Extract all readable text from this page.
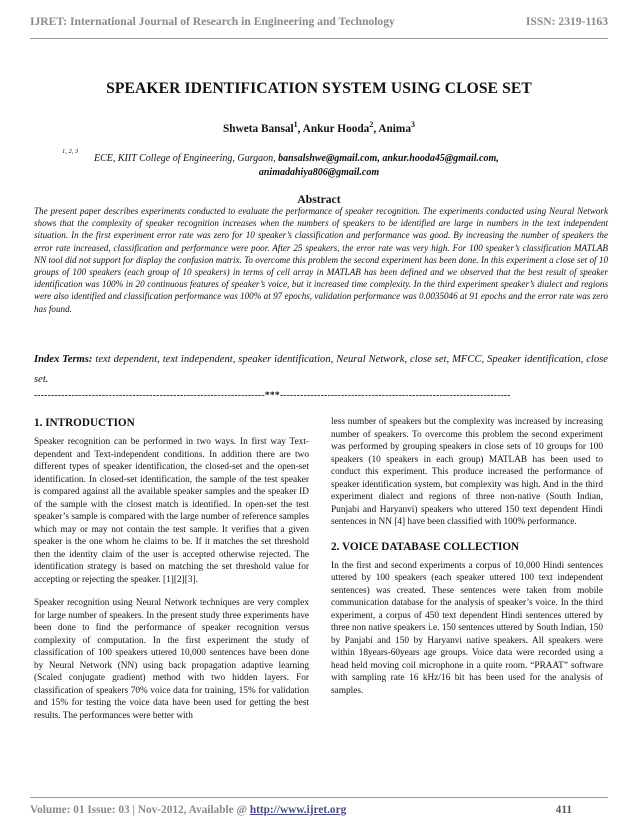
IJRET: International Journal of Research in Engineering and Technology	ISSN: 2319-1163
SPEAKER IDENTIFICATION SYSTEM USING CLOSE SET
Shweta Bansal$^1$, Ankur Hooda$^2$, Anima$^3$
1, 2, 3
ECE, KIIT College of Engineering, Gurgaon, bansalshwe@gmail.com, ankur.hooda45@gmail.com,
animadahiya806@gmail.com
Abstract
The present paper describes experiments conducted to evaluate the performance of speaker recognition. The experiments conducted using Neural Network shows that the complexity of speaker recognition increases when the numbers of speakers to be identified are large in numbers in the text independent situation. In the first experiment error rate was zero for 10 speaker’s classification and performance was good. By increasing the number of speakers the error rate increased, classification and performance were poor. After 25 speakers, the error rate was very high. For 100 speaker’s classification MATLAB NN tool did not support for display the confusion matrix. To overcome this problem the second experiment has been done. In this experiment a close set of 10 groups of 100 speakers (each group of 10 speakers) in terms of cell array in MATLAB has been defined and we observed that the best result of speaker identification was 100% in 20 continuous features of speaker’s voice, but it increased time complexity. In the third experiment speaker’s dialect and regions were also identified and classification performance was 100% at 97 epochs, validation performance was 0.0035046 at 91 epochs and the error rate was zero has found.
Index Terms: text dependent, text independent, speaker identification, Neural Network, close set, MFCC, Speaker identification, close set.
--------------------------------------------------------------------***--------------------------------------------------------------------
1. INTRODUCTION

Speaker recognition can be performed in two ways. In first way Text-dependent and Text-independent conditions. In addition there are two different types of speaker identification, the closed-set and the open-set identification. In closed-set identification, the sample of the test speaker is compared against all the available speaker samples and the speaker ID of the sample with the closest match is identified. In open-set the test speaker’s sample is compared with the large number of reference samples which may or may not contain the test sample. It verifies that a given speaker is the one whom he claims to be. If it matches the set threshold then the identity claim of the user is accepted otherwise rejected. The identification strategy is based on matching the set threshold value for accepting or rejecting the speaker. [1][2][3].

Speaker recognition using Neural Network techniques are very complex for large number of speakers. In the present study three experiments have been done to find the performance of speaker recognition versus complexity of computation. In the first experiment the study of classification of 100 speakers uttered 10,000 sentences have been done by Neural Network (NN) using back propagation adaptive learning (Scaled conjugate gradient) method with two hidden layers. For classification of speakers 70% voice data for training, 15% for validation and 15% for testing the voice data have been used for getting the best results. The performances were better with

less number of speakers but the complexity was increased by increasing number of speakers. To overcome this problem the second experiment was performed by grouping speakers in close sets of 10 groups for 100 speakers (10 speakers in each group) MATLAB has been used to conduct this experiment. This produce increased the performance of speaker identification system, but complexity was high. And in the third experiment dialect and regions of three non-native (South Indian, Punjabi and Haryanvi) speakers who uttered 150 text dependent Hindi sentences in NN [4] have been classified with 100% performance.

2. VOICE DATABASE COLLECTION

In the first and second experiments a corpus of 10,000 Hindi sentences uttered by 100 speakers (each speaker uttered 100 text independent sentences) was created. These sentences were taken from mobile communication database for the analysis of speaker’s voice. In the third experiment, a corpus of 450 text dependent Hindi sentences uttered by three non native speakers i.e. 150 sentences uttered by South Indian, 150 by Panjabi and 150 by Haryanvi native speakers. All speakers were within 18years-60years age groups. Voice data were recorded using a head held moving coil microphone in a quite room. “PRAAT” software with sampling rate 16 kHz/16 bit has been used for the analysis of samples.

Volume: 01 Issue: 03 | Nov-2012, Available @ http://www.ijret.org	411
